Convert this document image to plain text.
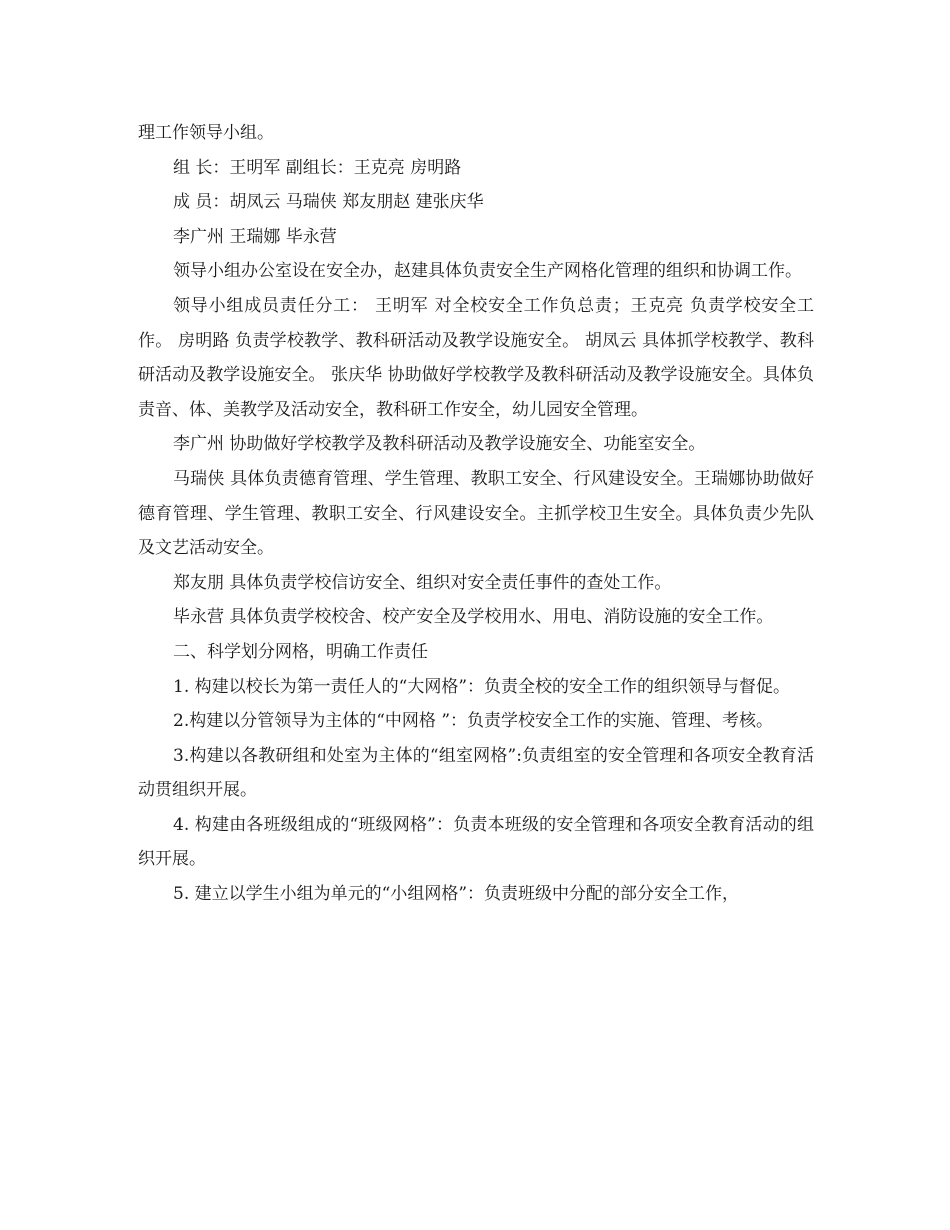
理工作领导小组。

组 长：王明军 副组长：王克亮 房明路

成 员：胡凤云 马瑞侠 郑友朋赵 建张庆华

李广州 王瑞娜 毕永营

领导小组办公室设在安全办，赵建具体负责安全生产网格化管理的组织和协调工作。

领导小组成员责任分工： 王明军 对全校安全工作负总责；王克亮 负责学校安全工作。 房明路 负责学校教学、教科研活动及教学设施安全。 胡凤云 具体抓学校教学、教科研活动及教学设施安全。 张庆华 协助做好学校教学及教科研活动及教学设施安全。具体负责音、体、美教学及活动安全，教科研工作安全，幼儿园安全管理。

李广州 协助做好学校教学及教科研活动及教学设施安全、功能室安全。

马瑞侠 具体负责德育管理、学生管理、教职工安全、行风建设安全。王瑞娜协助做好德育管理、学生管理、教职工安全、行风建设安全。主抓学校卫生安全。具体负责少先队及文艺活动安全。

郑友朋 具体负责学校信访安全、组织对安全责任事件的查处工作。

毕永营 具体负责学校校舍、校产安全及学校用水、用电、消防设施的安全工作。

二、科学划分网格，明确工作责任

1. 构建以校长为第一责任人的“大网格”：负责全校的安全工作的组织领导与督促。

2.构建以分管领导为主体的“中网格 ”：负责学校安全工作的实施、管理、考核。

3.构建以各教研组和处室为主体的“组室网格”:负责组室的安全管理和各项安全教育活动贯组织开展。

4. 构建由各班级组成的“班级网格”：负责本班级的安全管理和各项安全教育活动的组织开展。

5. 建立以学生小组为单元的“小组网格”：负责班级中分配的部分安全工作，
